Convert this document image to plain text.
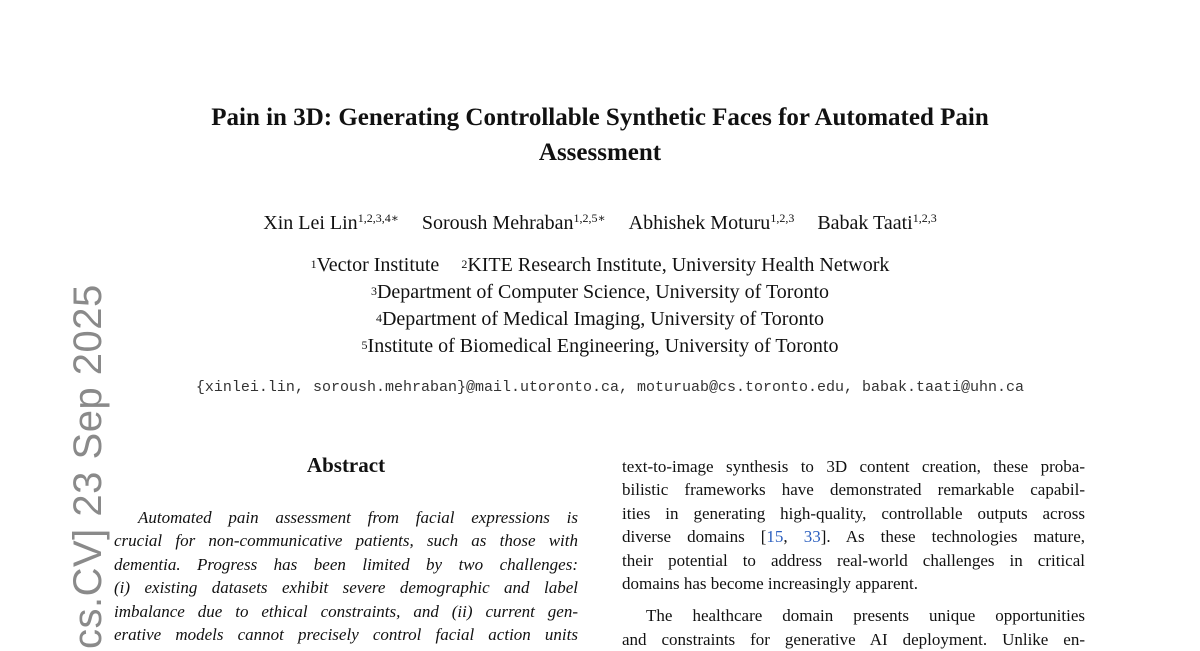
cs.CV] 23 Sep 2025
Pain in 3D: Generating Controllable Synthetic Faces for Automated Pain
Assessment
Xin Lei Lin$^{1,2,3,4∗}$ Soroush Mehraban$^{1,2,5∗}$ Abhishek Moturu$^{1,2,3}$ Babak Taati$^{1,2,3}$
$^1$Vector Institute $^2$KITE Research Institute, University Health Network
$^3$Department of Computer Science, University of Toronto
$^4$Department of Medical Imaging, University of Toronto
$^5$Institute of Biomedical Engineering, University of Toronto
{xinlei.lin, soroush.mehraban}@mail.utoronto.ca, moturuab@cs.toronto.edu, babak.taati@uhn.ca
Abstract
Automated pain assessment from facial expressions is
crucial for non-communicative patients, such as those with
dementia. Progress has been limited by two challenges:
(i) existing datasets exhibit severe demographic and label
imbalance due to ethical constraints, and (ii) current gen-
erative models cannot precisely control facial action units
text-to-image synthesis to 3D content creation, these proba-
bilistic frameworks have demonstrated remarkable capabil-
ities in generating high-quality, controllable outputs across
diverse domains [15, 33]. As these technologies mature,
their potential to address real-world challenges in critical
domains has become increasingly apparent.
The healthcare domain presents unique opportunities
and constraints for generative AI deployment. Unlike en-
